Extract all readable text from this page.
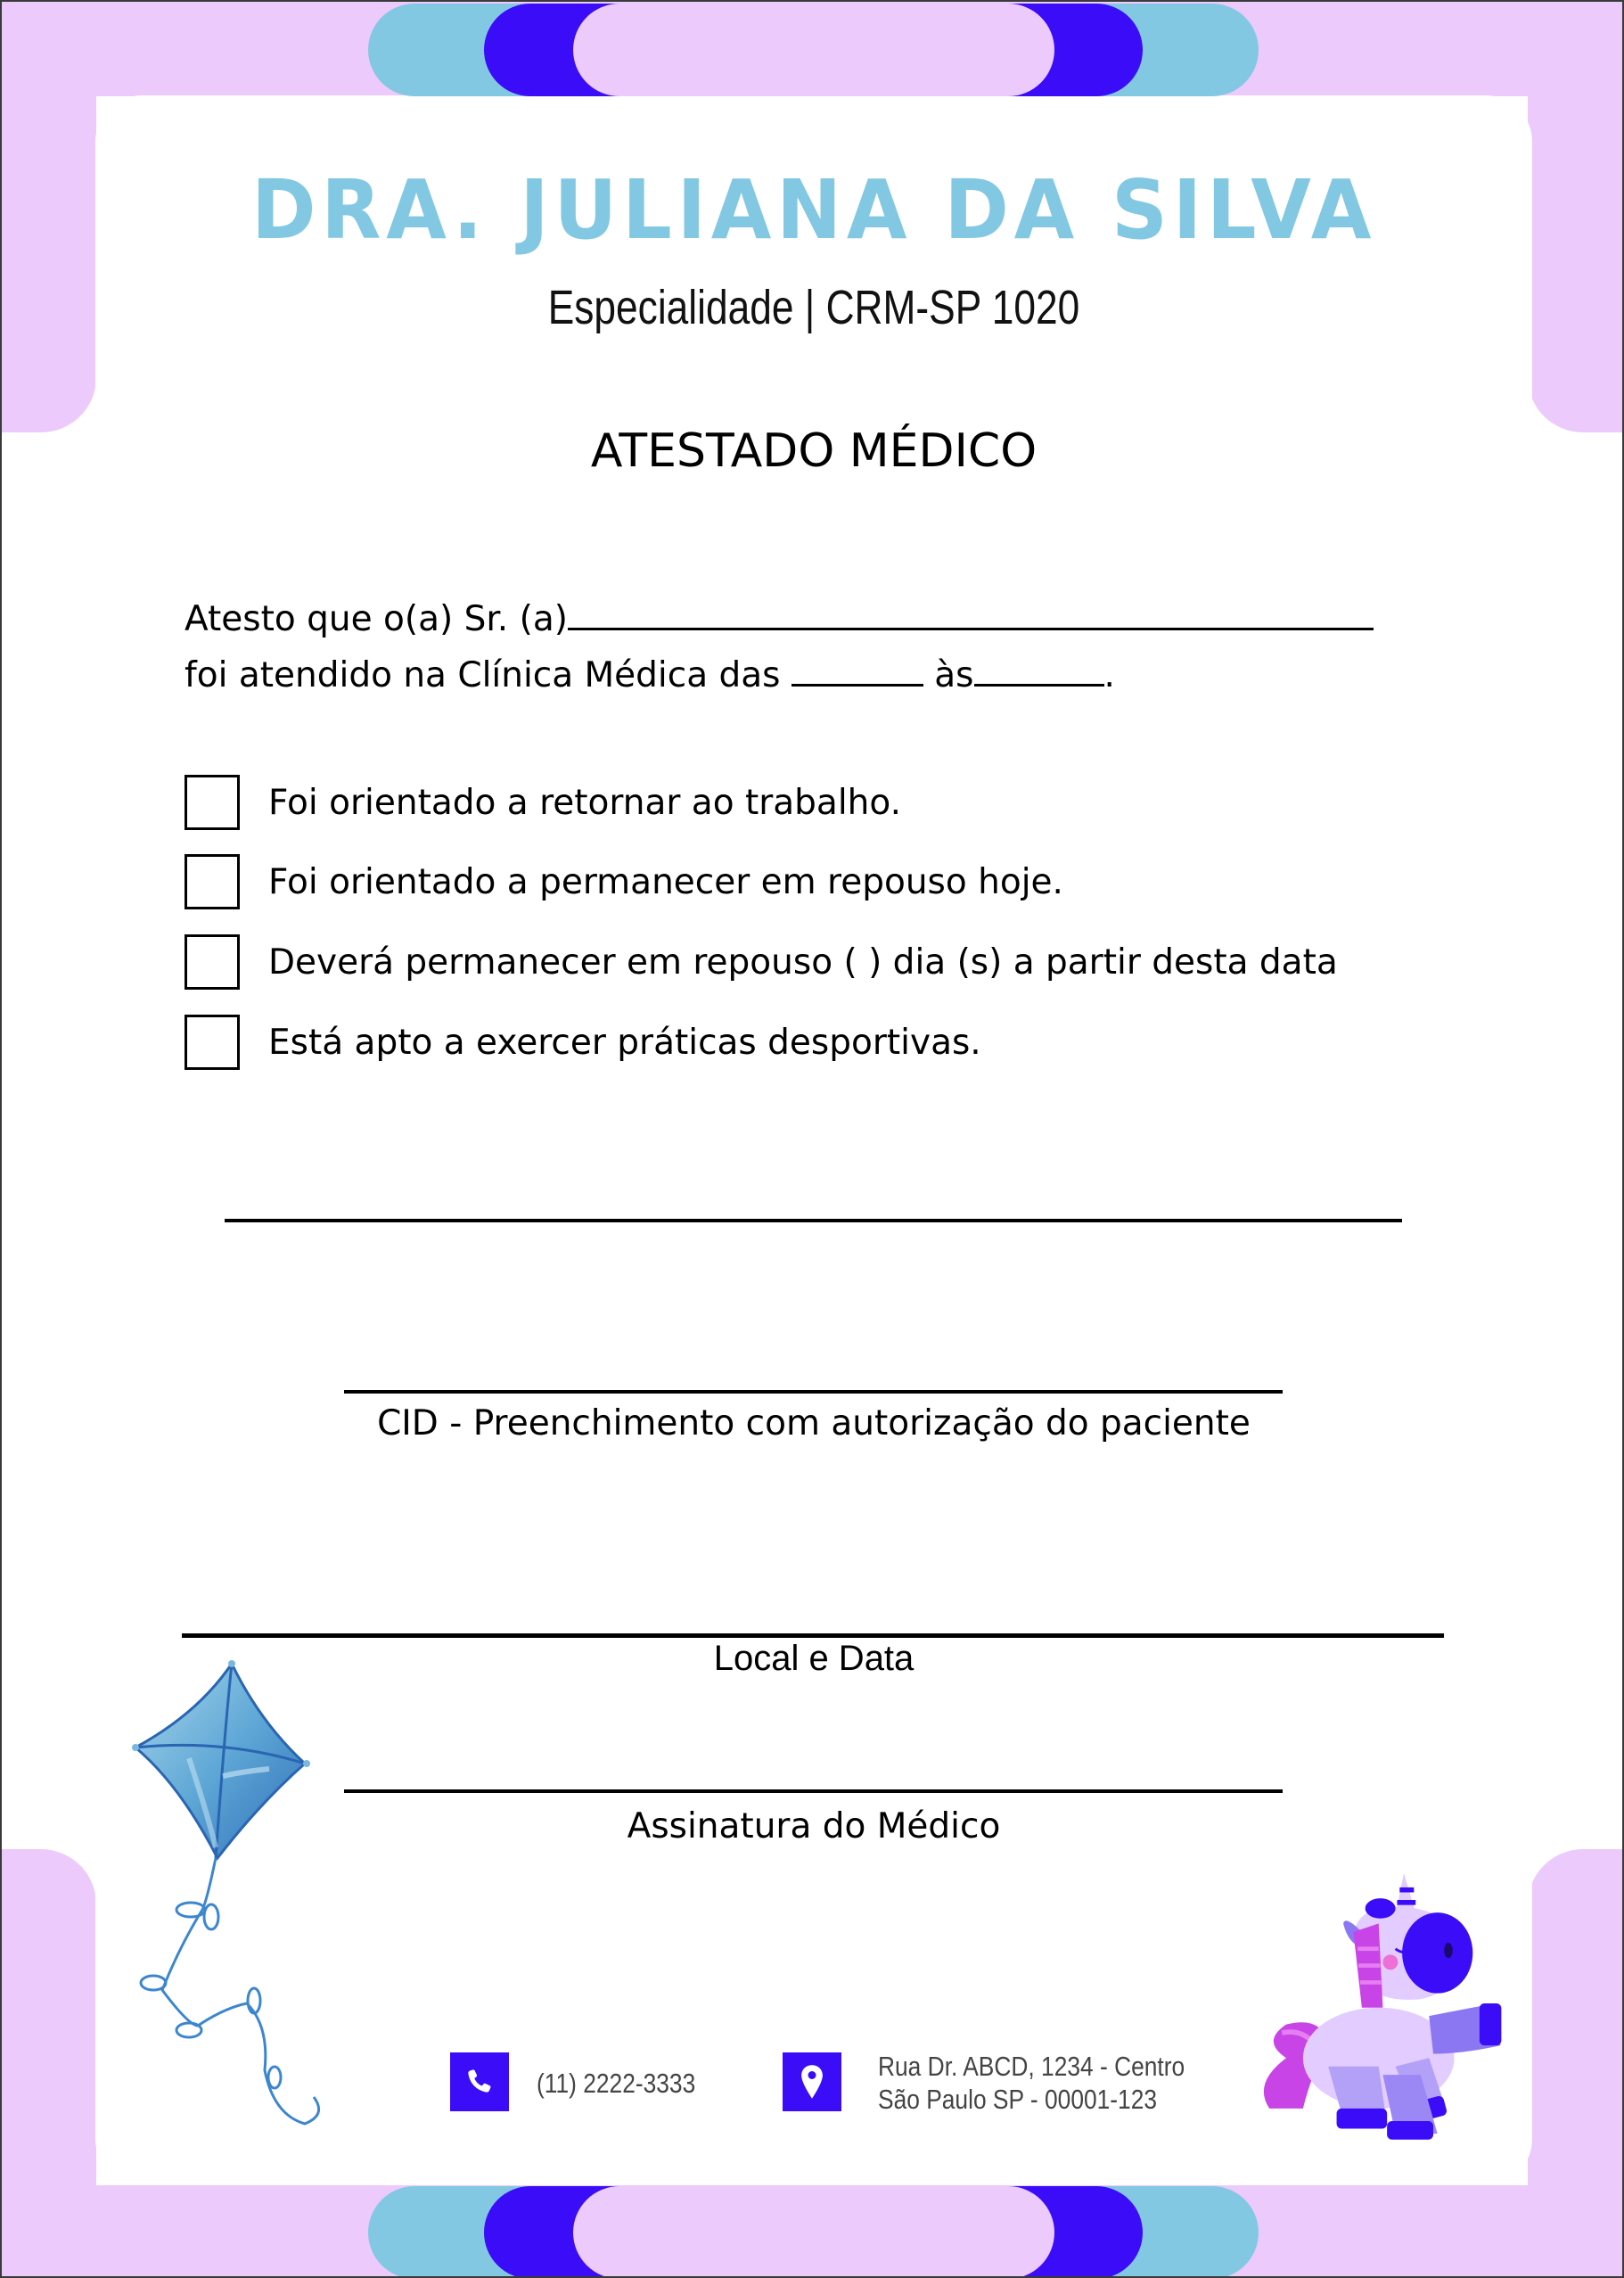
DRA. JULIANA DA SILVA
Especialidade | CRM-SP 1020
ATESTADO MÉDICO
Atesto que o(a) Sr. (a)
foi atendido na Clínica Médica das	às	.
Foi orientado a retornar ao trabalho.
Foi orientado a permanecer em repouso hoje.
Deverá permanecer em repouso ( ) dia (s) a partir desta data
Está apto a exercer práticas desportivas.
CID - Preenchimento com autorização do paciente
Local e Data
Assinatura do Médico
(11) 2222-3333
Rua Dr. ABCD, 1234 - Centro
São Paulo SP - 00001-123
